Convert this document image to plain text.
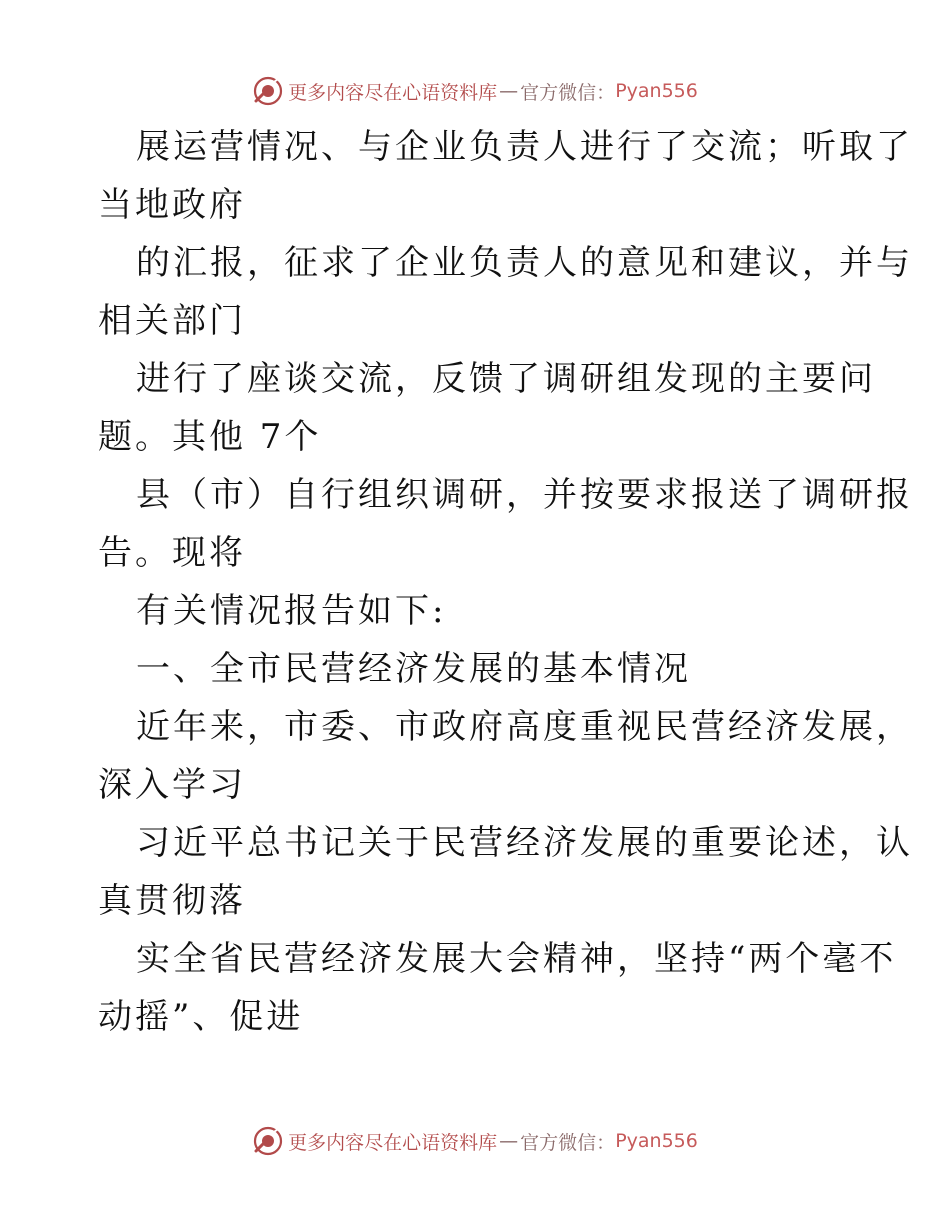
更多内容尽在心语资料库 — 官方微信： Pyan556

展运营情况、与企业负责人进行了交流；听取了

当地政府

的汇报，征求了企业负责人的意见和建议，并与

相关部门

进行了座谈交流，反馈了调研组发现的主要问

题。其他 7个

县（市）自行组织调研，并按要求报送了调研报

告。现将

有关情况报告如下:

一、全市民营经济发展的基本情况

近年来，市委、市政府高度重视民营经济发展，

深入学习

习近平总书记关于民营经济发展的重要论述，认

真贯彻落

实全省民营经济发展大会精神，坚持“两个毫不

动摇”、促进

更多内容尽在心语资料库 — 官方微信： Pyan556
